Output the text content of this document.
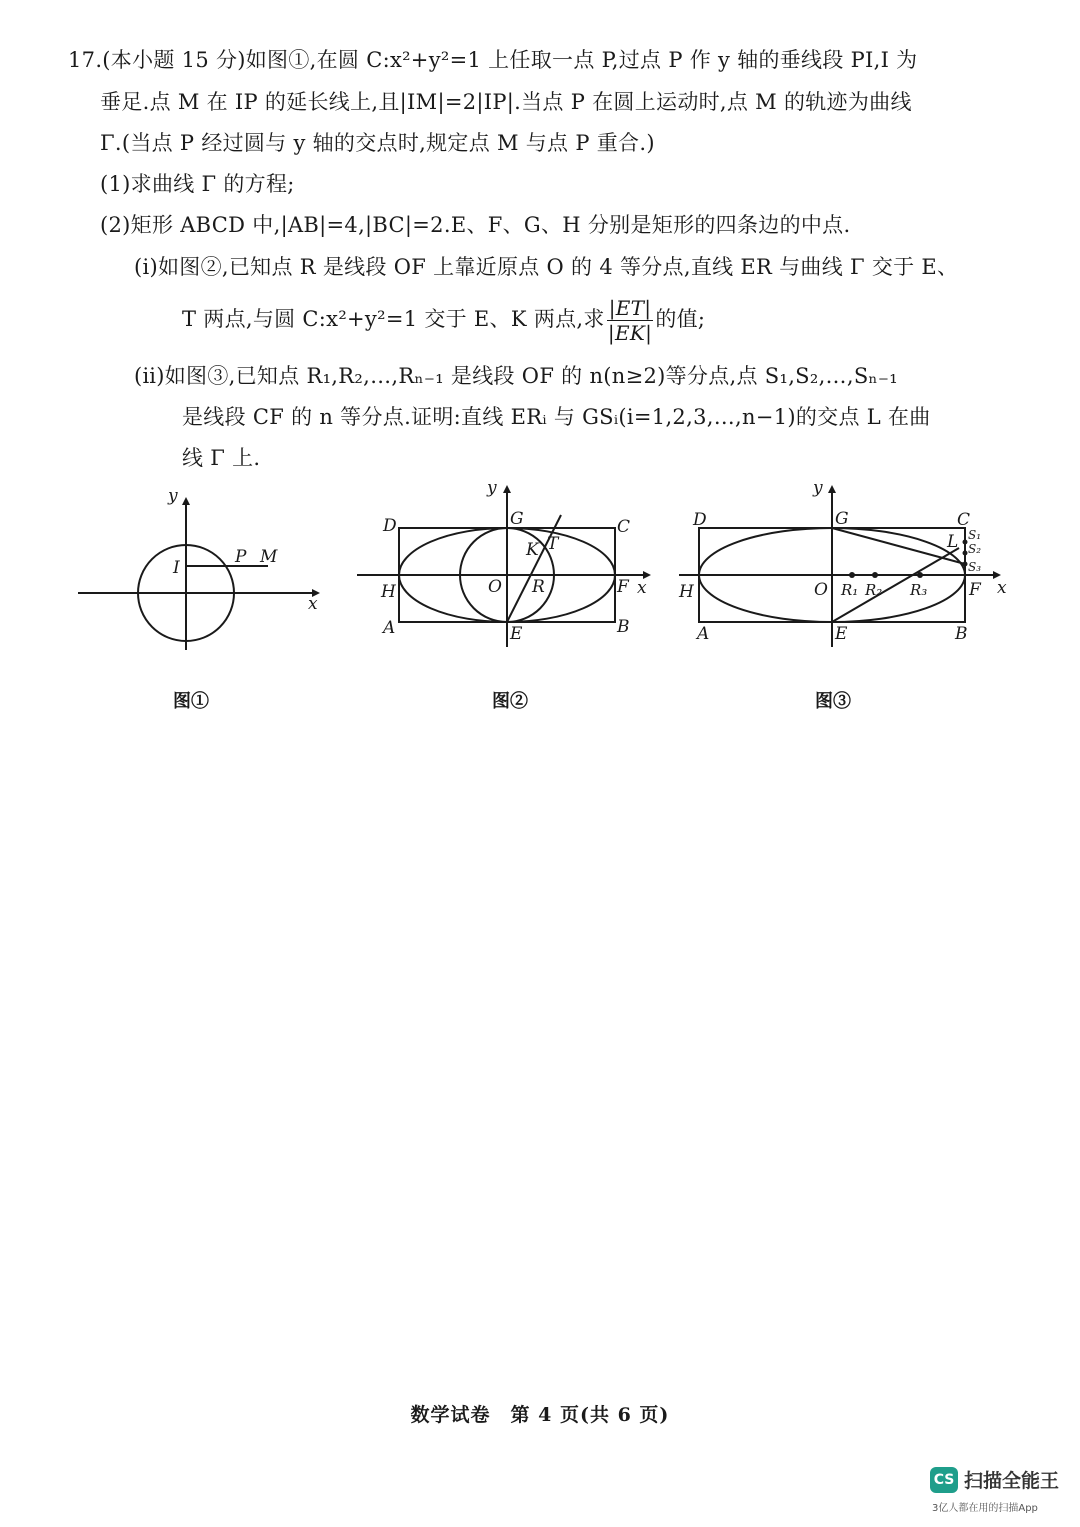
17.(本小题 15 分)如图①,在圆 C:x²+y²=1 上任取一点 P,过点 P 作 y 轴的垂线段 PI,I 为
垂足.点 M 在 IP 的延长线上,且|IM|=2|IP|.当点 P 在圆上运动时,点 M 的轨迹为曲线
Γ.(当点 P 经过圆与 y 轴的交点时,规定点 M 与点 P 重合.)
(1)求曲线 Γ 的方程;
(2)矩形 ABCD 中,|AB|=4,|BC|=2.E、F、G、H 分别是矩形的四条边的中点.
(ⅰ)如图②,已知点 R 是线段 OF 上靠近原点 O 的 4 等分点,直线 ER 与曲线 Γ 交于 E、
T 两点,与圆 C:x²+y²=1 交于 E、K 两点,求 $\frac{|ET|}{|EK|}$ 的值;
(ⅱ)如图③,已知点 R₁,R₂,…,Rₙ₋₁ 是线段 OF 的 n(n≥2)等分点,点 S₁,S₂,…,Sₙ₋₁
是线段 CF 的 n 等分点.证明:直线 ERᵢ 与 GSᵢ(i=1,2,3,…,n−1)的交点 L 在曲
线 Γ 上.
y
x
I
P M
图①
y
x
D	G	C
K T
H	O R	F
A	E	B
图②
y
x
D	G	C
S₁
S₂
S₃
L
H	O R₁ R₂ R₃ F
A	E	B
图③
数学试卷　第 4 页(共 6 页)
CS 扫描全能王
3亿人都在用的扫描App
